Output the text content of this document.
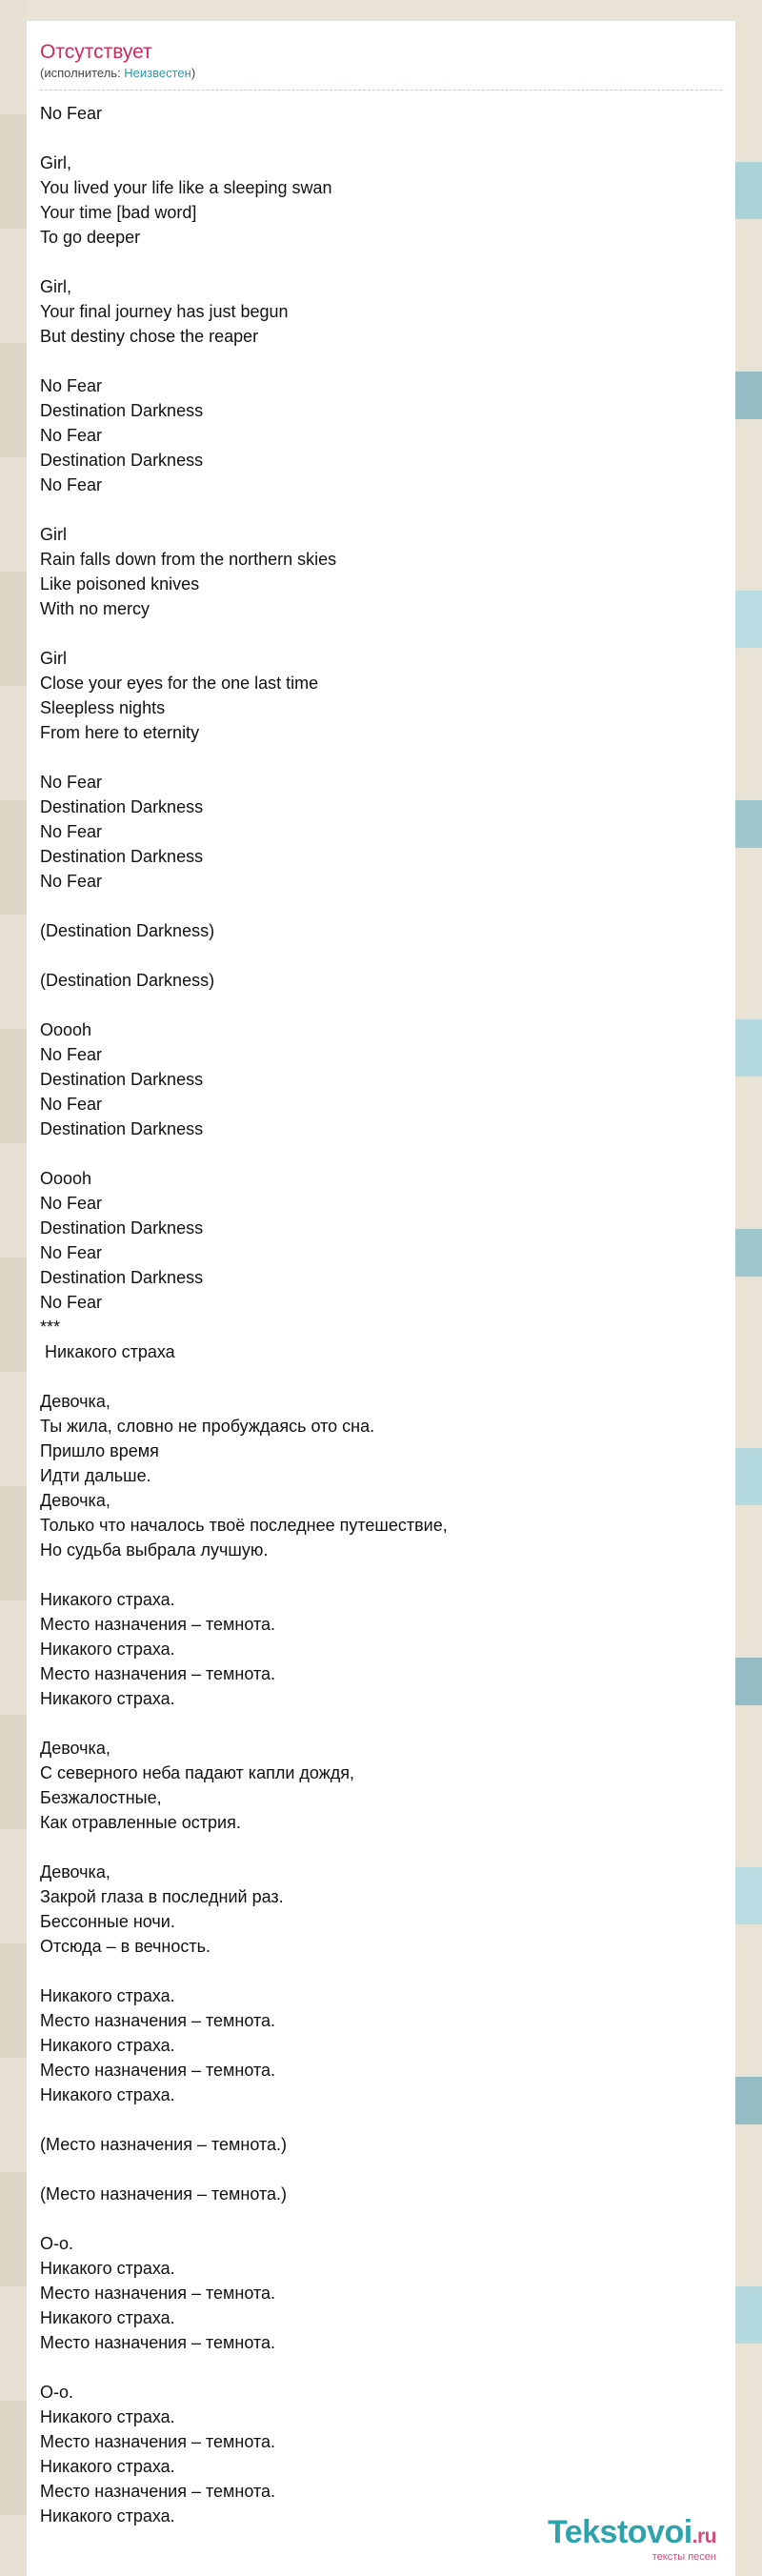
Отсутствует
(исполнитель: Неизвестен)
No Fear
Girl,
You lived your life like a sleeping swan
Your time [bad word]
To go deeper
Girl,
Your final journey has just begun
But destiny chose the reaper
No Fear
Destination Darkness
No Fear
Destination Darkness
No Fear
Girl
Rain falls down from the northern skies
Like poisoned knives
With no mercy
Girl
Close your eyes for the one last time
Sleepless nights
From here to eternity
No Fear
Destination Darkness
No Fear
Destination Darkness
No Fear
(Destination Darkness)
(Destination Darkness)
Ooooh
No Fear
Destination Darkness
No Fear
Destination Darkness
Ooooh
No Fear
Destination Darkness
No Fear
Destination Darkness
No Fear
***
Никакого страха
Девочка,
Ты жила, словно не пробуждаясь ото сна.
Пришло время
Идти дальше.
Девочка,
Только что началось твоё последнее путешествие,
Но судьба выбрала лучшую.
Никакого страха.
Место назначения – темнота.
Никакого страха.
Место назначения – темнота.
Никакого страха.
Девочка,
С северного неба падают капли дождя,
Безжалостные,
Как отравленные острия.
Девочка,
Закрой глаза в последний раз.
Бессонные ночи.
Отсюда – в вечность.
Никакого страха.
Место назначения – темнота.
Никакого страха.
Место назначения – темнота.
Никакого страха.
(Место назначения – темнота.)
(Место назначения – темнота.)
О-о.
Никакого страха.
Место назначения – темнота.
Никакого страха.
Место назначения – темнота.
О-о.
Никакого страха.
Место назначения – темнота.
Никакого страха.
Место назначения – темнота.
Никакого страха.	Tekstovoi.ru
тексты песен
